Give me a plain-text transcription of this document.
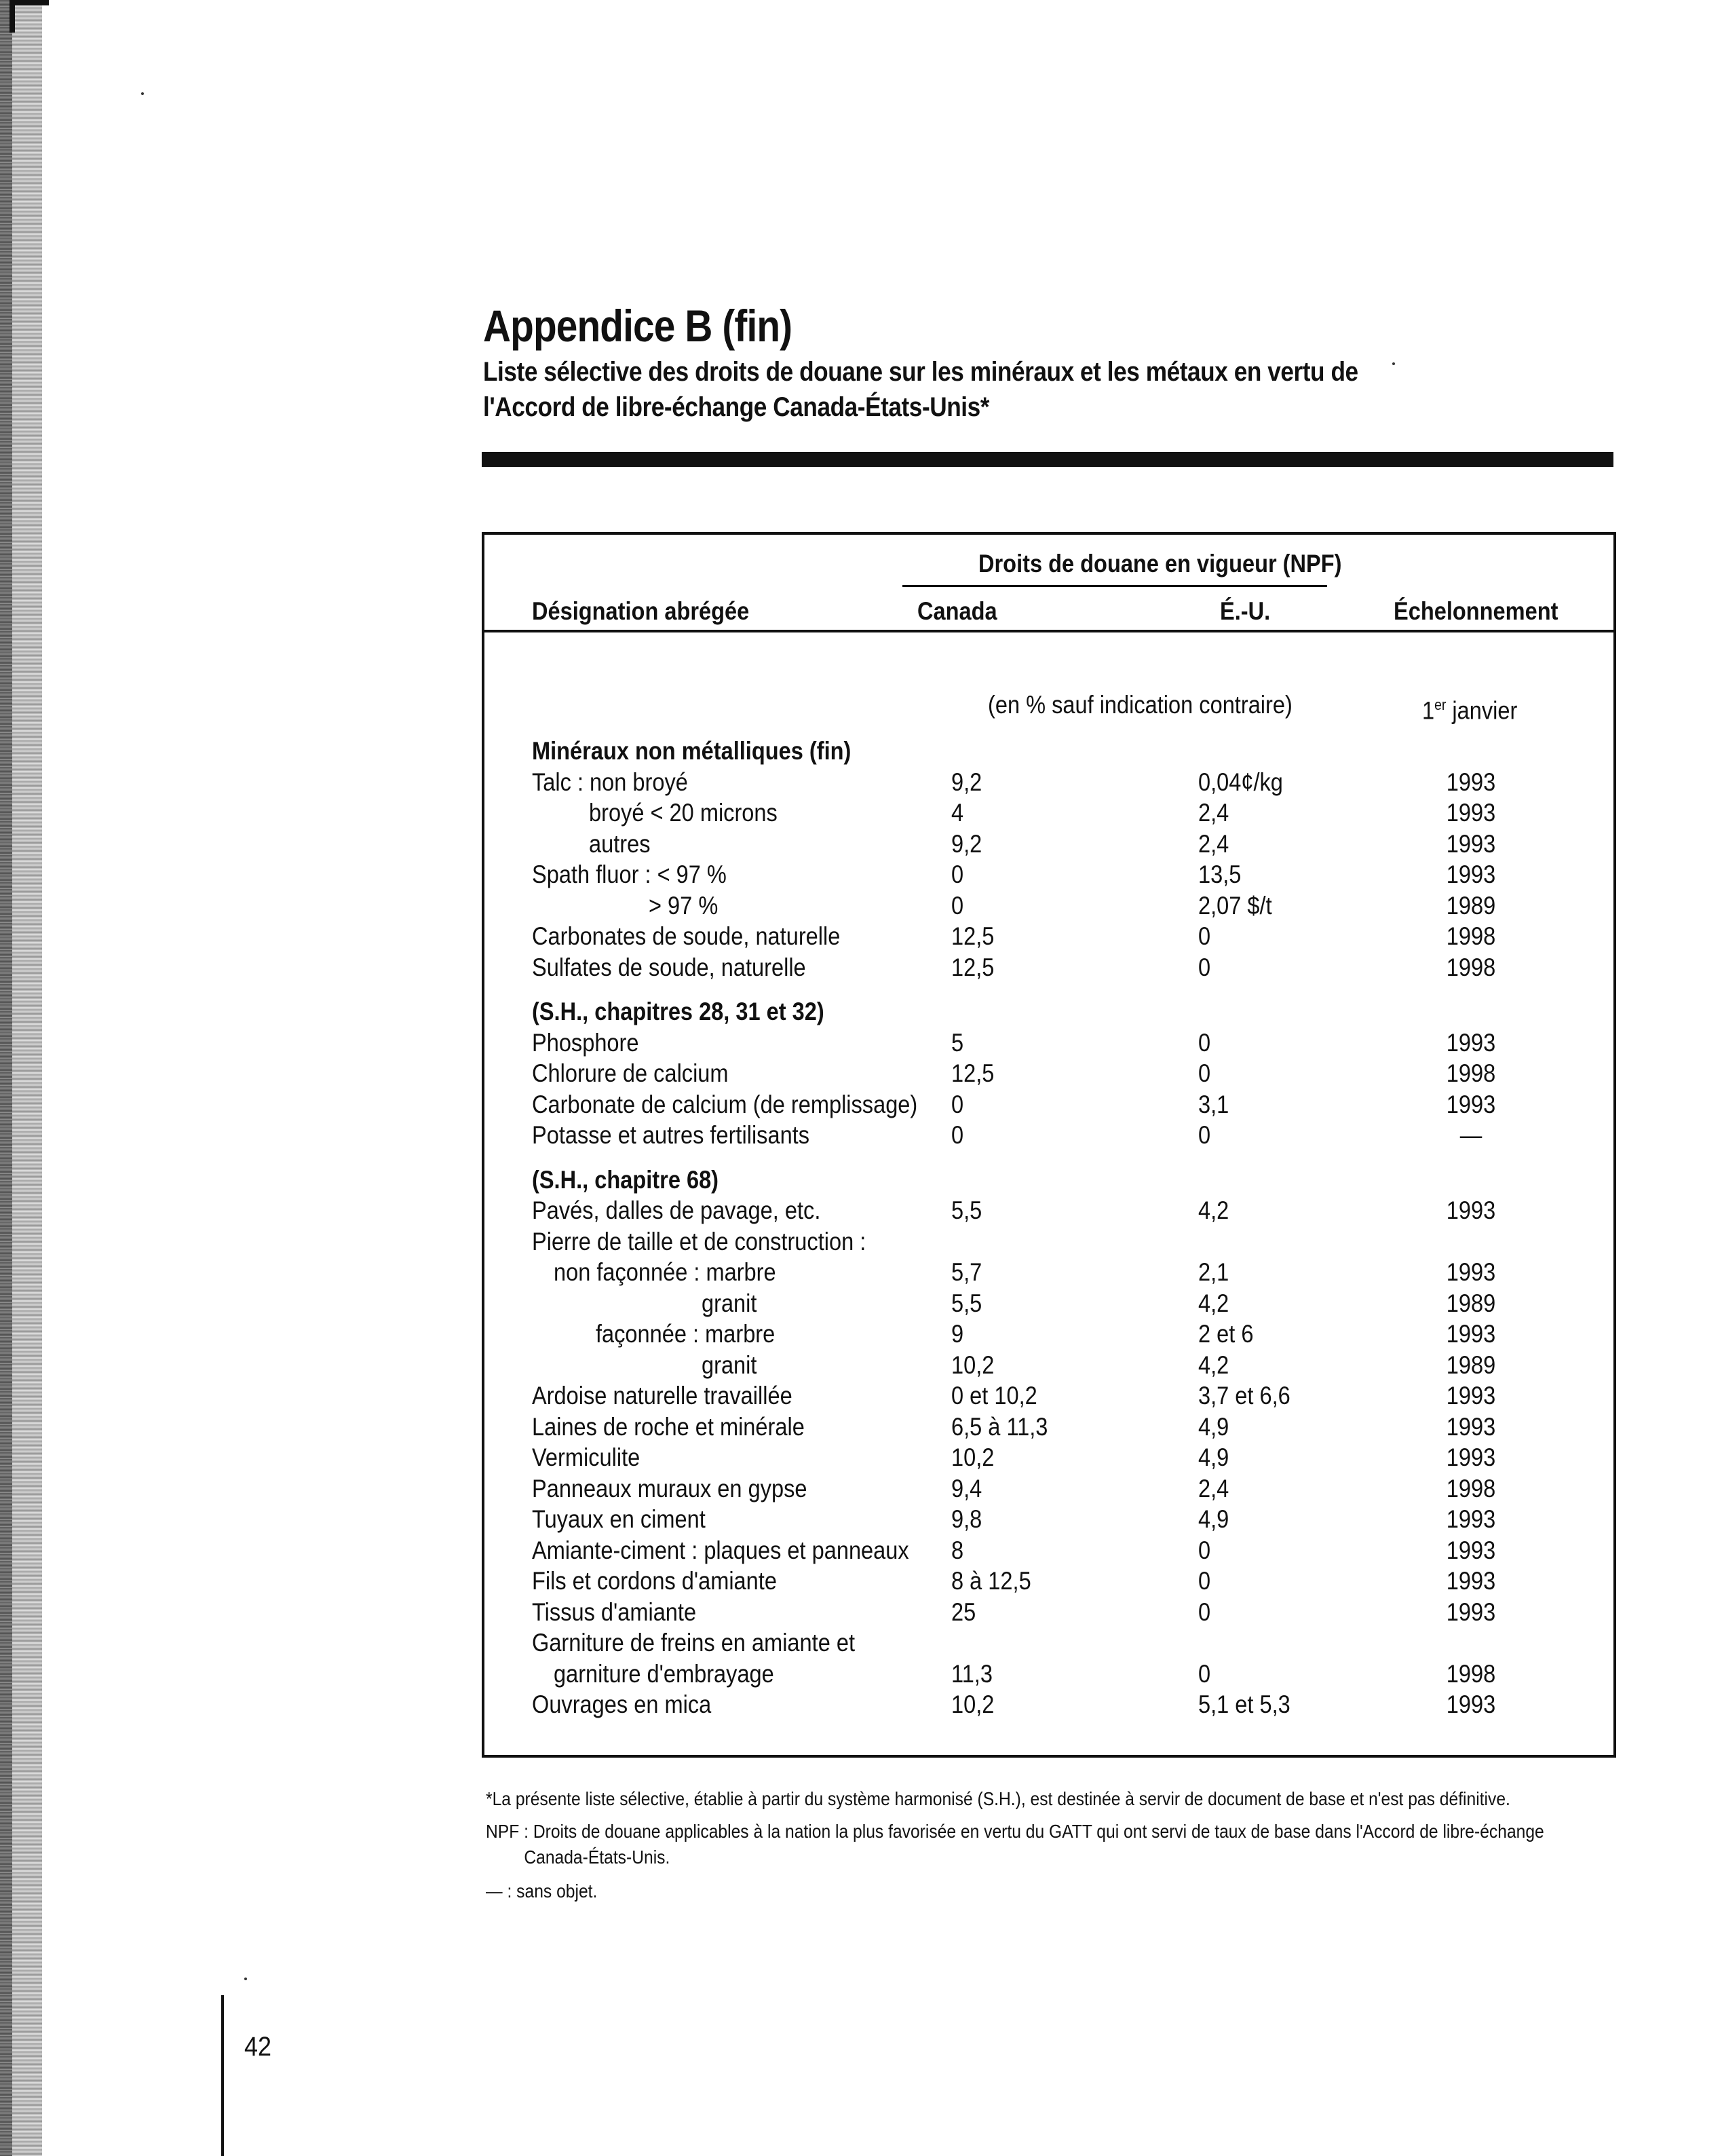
Appendice B (fin)
Liste sélective des droits de douane sur les minéraux et les métaux en vertu de l'Accord de libre-échange Canada-États-Unis*
Droits de douane en vigueur (NPF)
Désignation abrégée	Canada	É.-U.	Échelonnement
(en % sauf indication contraire)	1er janvier
Minéraux non métalliques (fin)
Talc : non broyé	9,2	0,04¢/kg	1993
broyé < 20 microns	4	2,4	1993
autres	9,2	2,4	1993
Spath fluor : < 97 %	0	13,5	1993
> 97 %	0	2,07 $/t	1989
Carbonates de soude, naturelle	12,5	0	1998
Sulfates de soude, naturelle	12,5	0	1998
(S.H., chapitres 28, 31 et 32)
Phosphore	5	0	1993
Chlorure de calcium	12,5	0	1998
Carbonate de calcium (de remplissage) 0	3,1	1993
Potasse et autres fertilisants	0	0	—
(S.H., chapitre 68)
Pavés, dalles de pavage, etc.	5,5	4,2	1993
Pierre de taille et de construction :
non façonnée : marbre	5,7	2,1	1993
granit	5,5	4,2	1989
façonnée : marbre	9	2 et 6	1993
granit	10,2	4,2	1989
Ardoise naturelle travaillée	0 et 10,2	3,7 et 6,6	1993
Laines de roche et minérale	6,5 à 11,3	4,9	1993
Vermiculite	10,2	4,9	1993
Panneaux muraux en gypse	9,4	2,4	1998
Tuyaux en ciment	9,8	4,9	1993
Amiante-ciment : plaques et panneaux 8	0	1993
Fils et cordons d'amiante	8 à 12,5	0	1993
Tissus d'amiante	25	0	1993
Garniture de freins en amiante et
garniture d'embrayage	11,3	0	1998
Ouvrages en mica	10,2	5,1 et 5,3	1993
*La présente liste sélective, établie à partir du système harmonisé (S.H.), est destinée à servir de document de base et n'est pas définitive.
NPF : Droits de douane applicables à la nation la plus favorisée en vertu du GATT qui ont servi de taux de base dans l'Accord de libre-échange
Canada-États-Unis.
— : sans objet.
42
